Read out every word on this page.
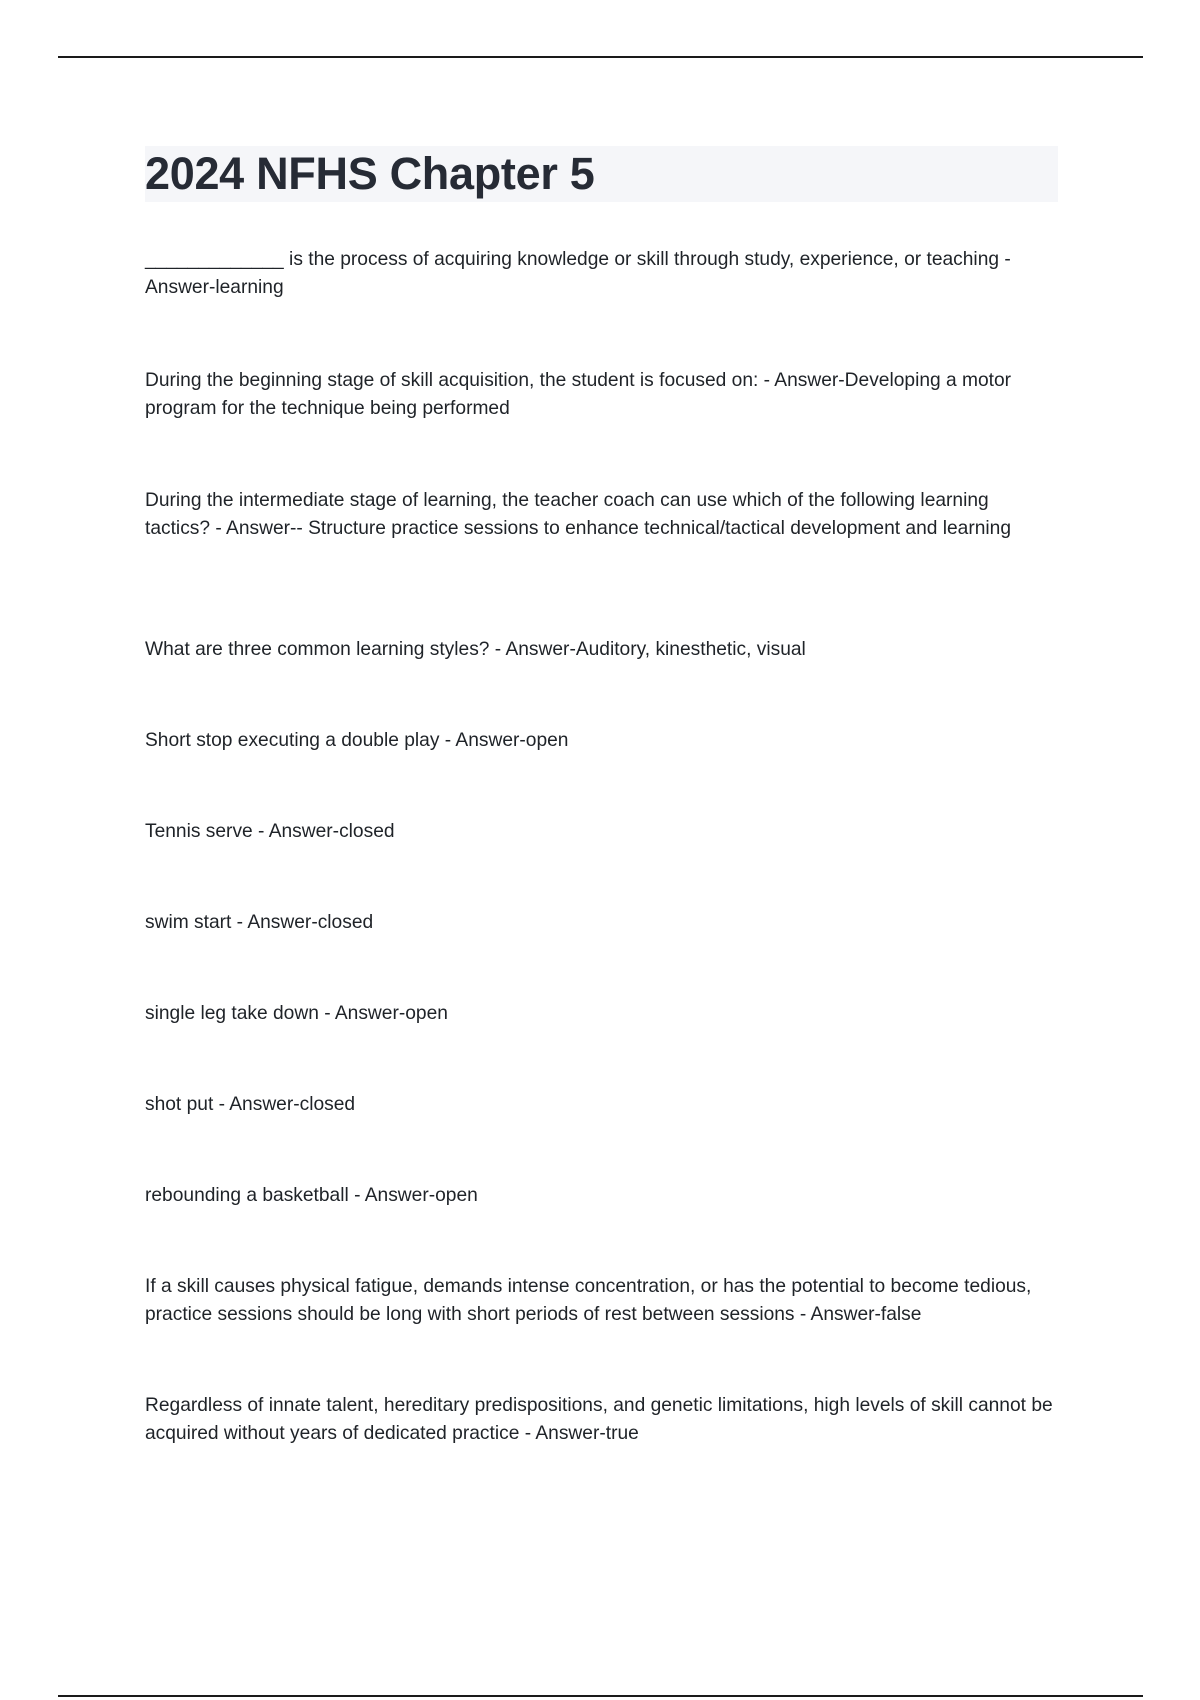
2024 NFHS Chapter 5

_____________ is the process of acquiring knowledge or skill through study, experience, or teaching - Answer-learning

During the beginning stage of skill acquisition, the student is focused on: - Answer-Developing a motor program for the technique being performed

During the intermediate stage of learning, the teacher coach can use which of the following learning tactics? - Answer-- Structure practice sessions to enhance technical/tactical development and learning

What are three common learning styles? - Answer-Auditory, kinesthetic, visual

Short stop executing a double play - Answer-open

Tennis serve - Answer-closed

swim start - Answer-closed

single leg take down - Answer-open

shot put - Answer-closed

rebounding a basketball - Answer-open

If a skill causes physical fatigue, demands intense concentration, or has the potential to become tedious, practice sessions should be long with short periods of rest between sessions - Answer-false

Regardless of innate talent, hereditary predispositions, and genetic limitations, high levels of skill cannot be acquired without years of dedicated practice - Answer-true
